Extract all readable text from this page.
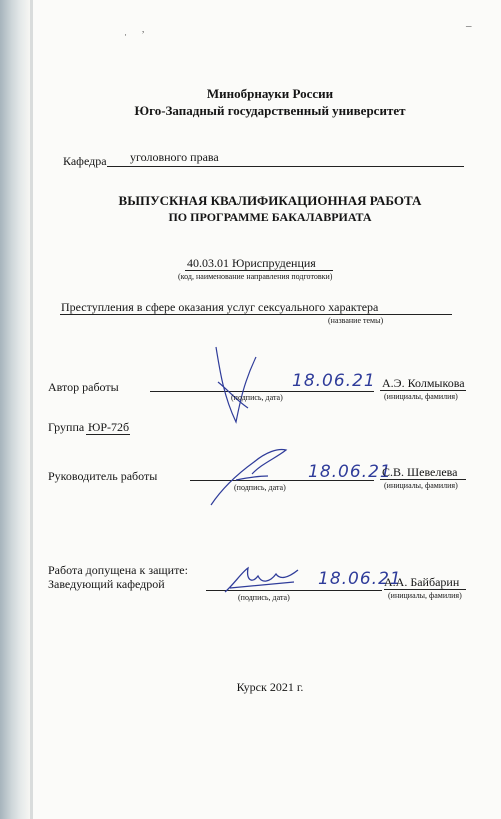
·
,	–
Минобрнауки России
Юго-Западный государственный университет
Кафедра уголовного права
ВЫПУСКНАЯ КВАЛИФИКАЦИОННАЯ РАБОТА
ПО ПРОГРАММЕ БАКАЛАВРИАТА
40.03.01 Юриспруденция
(код, наименование направления подготовки)
Преступления в сфере оказания услуг сексуального характера
(название темы)
Автор работы
(подпись, дата)
18.06.21 А.Э. Колмыкова
(инициалы, фамилия)
Группа ЮР-72б
Руководитель работы
(подпись, дата)
18.06.21
С.В. Шевелева
(инициалы, фамилия)
Работа допущена к защите:
Заведующий кафедрой
(подпись, дата)
18.06.21
А.А. Байбарин
(инициалы, фамилия)
Курск 2021 г.
